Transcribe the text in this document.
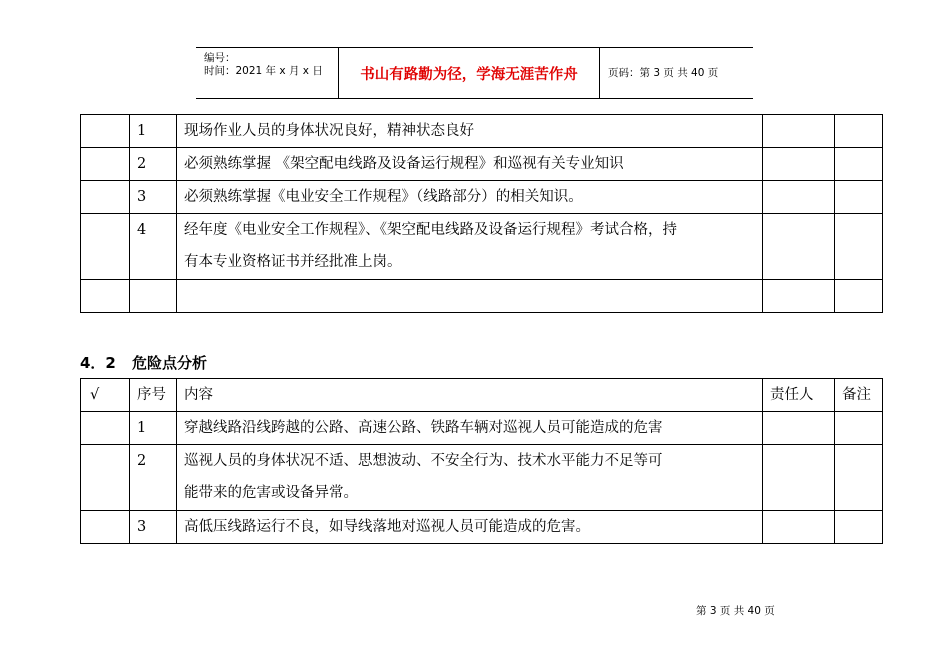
编号：
时间：2021 年 x 月 x 日	书山有路勤为径，学海无涯苦作舟	页码：第 3 页 共 40 页

	1	现场作业人员的身体状况良好，精神状态良好		

	2	必须熟练掌握 《架空配电线路及设备运行规程》和巡视有关专业知识		

	3	必须熟练掌握《电业安全工作规程》（线路部分）的相关知识。		

	4	经年度《电业安全工作规程》、《架空配电线路及设备运行规程》考试合格，持
有本专业资格证书并经批准上岗。		

4．2 危险点分析
√	序号	内容	责任人	备注

	1	穿越线路沿线跨越的公路、高速公路、铁路车辆对巡视人员可能造成的危害		

	2	巡视人员的身体状况不适、思想波动、不安全行为、技术水平能力不足等可
能带来的危害或设备异常。		

	3	高低压线路运行不良，如导线落地对巡视人员可能造成的危害。		

第 3 页 共 40 页
